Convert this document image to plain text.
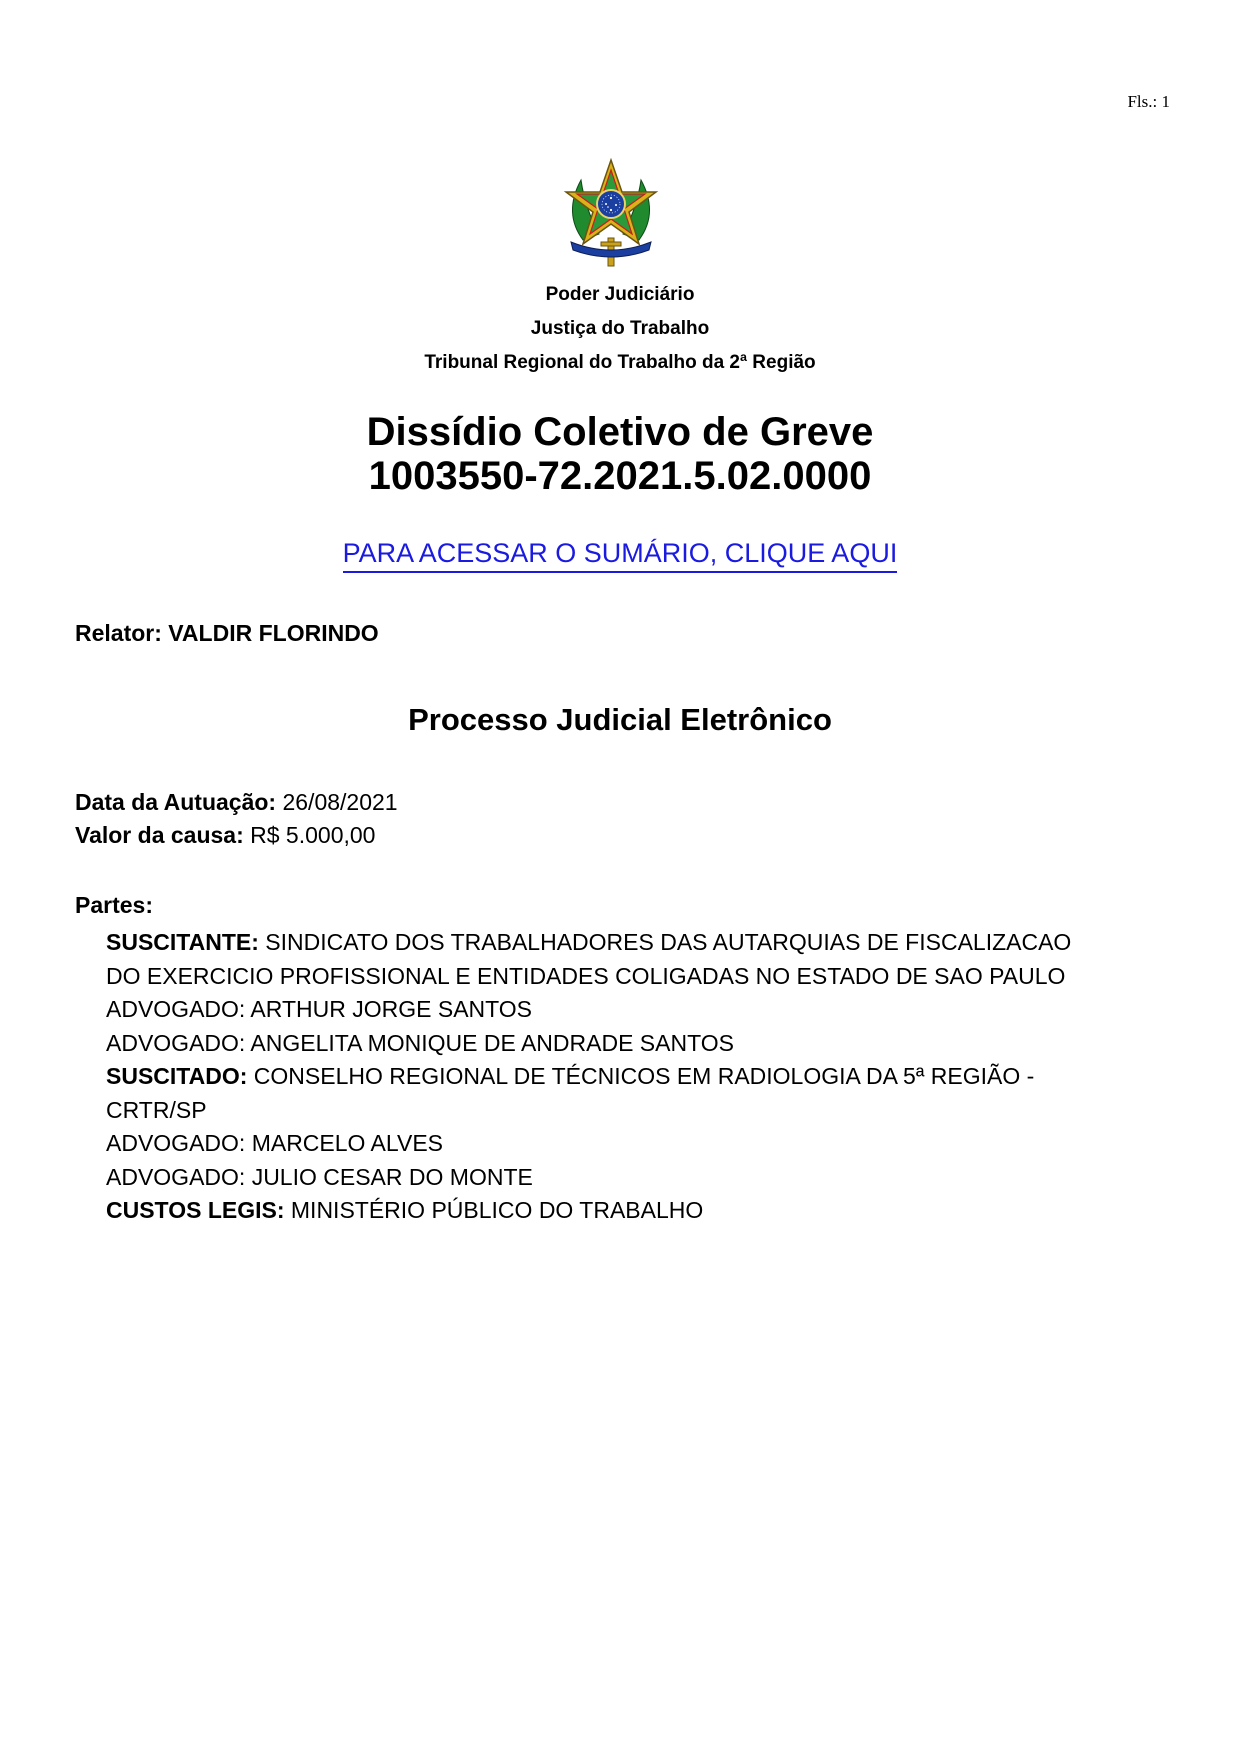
Fls.: 1
Poder Judiciário
Justiça do Trabalho
Tribunal Regional do Trabalho da 2ª Região
Dissídio Coletivo de Greve
1003550-72.2021.5.02.0000
PARA ACESSAR O SUMÁRIO, CLIQUE AQUI
Relator: VALDIR FLORINDO
Processo Judicial Eletrônico
Data da Autuação: 26/08/2021
Valor da causa: R$ 5.000,00
Partes:
SUSCITANTE: SINDICATO DOS TRABALHADORES DAS AUTARQUIAS DE FISCALIZACAO
DO EXERCICIO PROFISSIONAL E ENTIDADES COLIGADAS NO ESTADO DE SAO PAULO
ADVOGADO: ARTHUR JORGE SANTOS
ADVOGADO: ANGELITA MONIQUE DE ANDRADE SANTOS
SUSCITADO: CONSELHO REGIONAL DE TÉCNICOS EM RADIOLOGIA DA 5ª REGIÃO -
CRTR/SP
ADVOGADO: MARCELO ALVES
ADVOGADO: JULIO CESAR DO MONTE
CUSTOS LEGIS: MINISTÉRIO PÚBLICO DO TRABALHO
